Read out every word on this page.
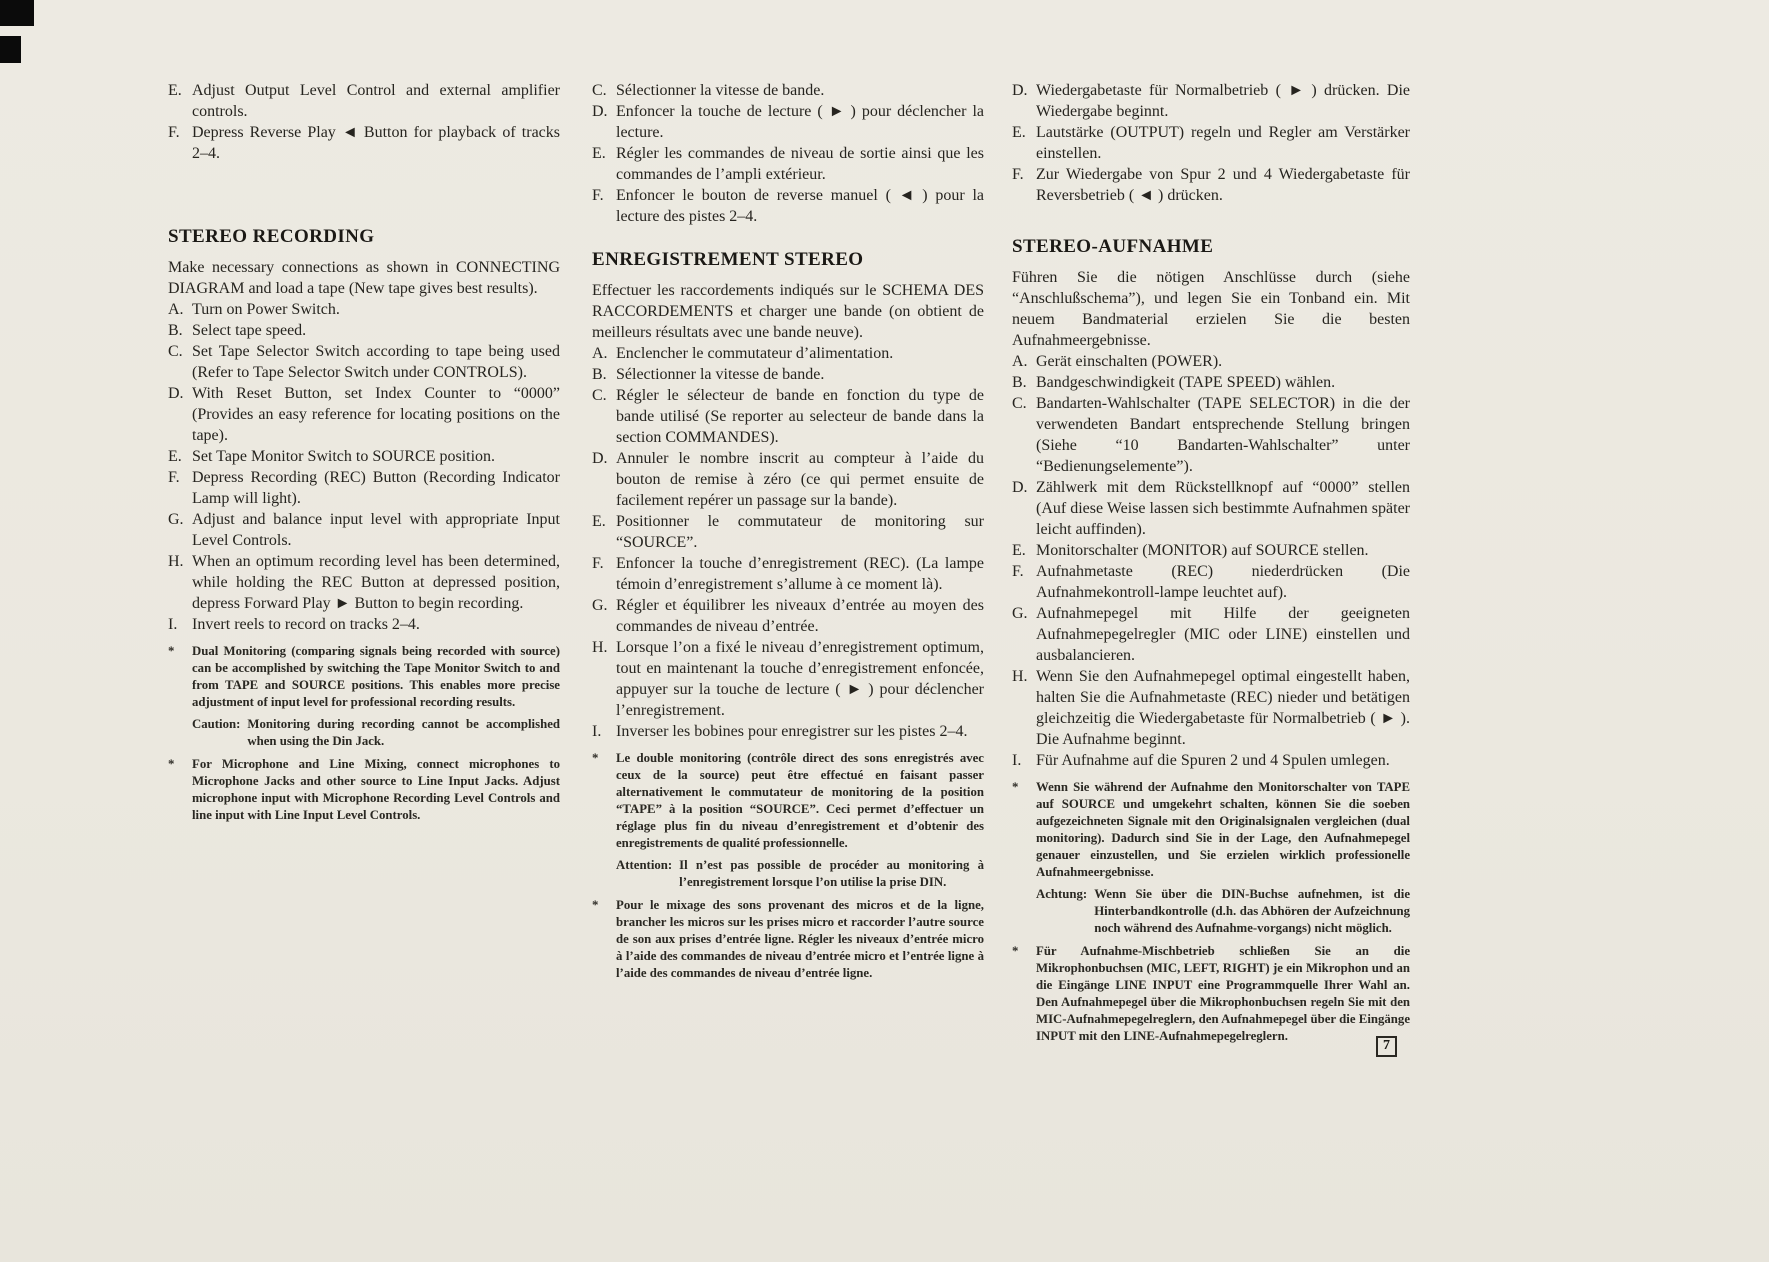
E. Adjust Output Level Control and external amplifier controls.
F. Depress Reverse Play ◄ Button for playback of tracks 2–4.
STEREO RECORDING

Make necessary connections as shown in CONNECTING DIAGRAM and load a tape (New tape gives best results).

A. Turn on Power Switch.
B. Select tape speed.
C. Set Tape Selector Switch according to tape being used (Refer to Tape Selector Switch under CONTROLS).
D. With Reset Button, set Index Counter to “0000” (Provides an easy reference for locating positions on the tape).
E. Set Tape Monitor Switch to SOURCE position.
F. Depress Recording (REC) Button (Recording Indicator Lamp will light).
G. Adjust and balance input level with appropriate Input Level Controls.
H. When an optimum recording level has been determined, while holding the REC Button at depressed position, depress Forward Play ► Button to begin recording.
I. Invert reels to record on tracks 2–4.
*	Dual Monitoring (comparing signals being recorded with source) can be accomplished by switching the Tape Monitor Switch to and from TAPE and SOURCE positions. This enables more precise adjustment of input level for professional recording results.
Caution: Monitoring during recording cannot be accomplished when using the Din Jack.
*	For Microphone and Line Mixing, connect microphones to Microphone Jacks and other source to Line Input Jacks. Adjust microphone input with Microphone Recording Level Controls and line input with Line Input Level Controls.
C. Sélectionner la vitesse de bande.
D. Enfoncer la touche de lecture ( ► ) pour déclencher la lecture.
E. Régler les commandes de niveau de sortie ainsi que les commandes de l’ampli extérieur.
F. Enfoncer le bouton de reverse manuel ( ◄ ) pour la lecture des pistes 2–4.
ENREGISTREMENT STEREO

Effectuer les raccordements indiqués sur le SCHEMA DES RACCORDEMENTS et charger une bande (on obtient de meilleurs résultats avec une bande neuve).

A. Enclencher le commutateur d’alimentation.
B. Sélectionner la vitesse de bande.
C. Régler le sélecteur de bande en fonction du type de bande utilisé (Se reporter au selecteur de bande dans la section COMMANDES).
D. Annuler le nombre inscrit au compteur à l’aide du bouton de remise à zéro (ce qui permet ensuite de facilement repérer un passage sur la bande).
E. Positionner le commutateur de monitoring sur “SOURCE”.
F. Enfoncer la touche d’enregistrement (REC). (La lampe témoin d’enregistrement s’allume à ce moment là).
G. Régler et équilibrer les niveaux d’entrée au moyen des commandes de niveau d’entrée.
H. Lorsque l’on a fixé le niveau d’enregistrement optimum, tout en maintenant la touche d’enregistrement enfoncée, appuyer sur la touche de lecture ( ► ) pour déclencher l’enregistrement.
I. Inverser les bobines pour enregistrer sur les pistes 2–4.
*	Le double monitoring (contrôle direct des sons enregistrés avec ceux de la source) peut être effectué en faisant passer alternativement le commutateur de monitoring de la position “TAPE” à la position “SOURCE”. Ceci permet d’effectuer un réglage plus fin du niveau d’enregistrement et d’obtenir des enregistrements de qualité professionnelle.
Attention: Il n’est pas possible de procéder au monitoring à l’enregistrement lorsque l’on utilise la prise DIN.
*	Pour le mixage des sons provenant des micros et de la ligne, brancher les micros sur les prises micro et raccorder l’autre source de son aux prises d’entrée ligne. Régler les niveaux d’entrée micro à l’aide des commandes de niveau d’entrée micro et l’entrée ligne à l’aide des commandes de niveau d’entrée ligne.
D. Wiedergabetaste für Normalbetrieb ( ► ) drücken. Die Wiedergabe beginnt.
E. Lautstärke (OUTPUT) regeln und Regler am Verstärker einstellen.
F. Zur Wiedergabe von Spur 2 und 4 Wiedergabetaste für Reversbetrieb ( ◄ ) drücken.
STEREO-AUFNAHME

Führen Sie die nötigen Anschlüsse durch (siehe “Anschlußschema”), und legen Sie ein Tonband ein. Mit neuem Bandmaterial erzielen Sie die besten Aufnahmeergebnisse.

A. Gerät einschalten (POWER).
B. Bandgeschwindigkeit (TAPE SPEED) wählen.
C. Bandarten-Wahlschalter (TAPE SELECTOR) in die der verwendeten Bandart entsprechende Stellung bringen (Siehe “10 Bandarten-Wahlschalter” unter “Bedienungselemente”).
D. Zählwerk mit dem Rückstellknopf auf “0000” stellen (Auf diese Weise lassen sich bestimmte Aufnahmen später leicht auffinden).
E. Monitorschalter (MONITOR) auf SOURCE stellen.
F. Aufnahmetaste (REC) niederdrücken (Die Aufnahmekontroll-lampe leuchtet auf).
G. Aufnahmepegel mit Hilfe der geeigneten Aufnahmepegelregler (MIC oder LINE) einstellen und ausbalancieren.
H. Wenn Sie den Aufnahmepegel optimal eingestellt haben, halten Sie die Aufnahmetaste (REC) nieder und betätigen gleichzeitig die Wiedergabetaste für Normalbetrieb ( ► ). Die Aufnahme beginnt.
I. Für Aufnahme auf die Spuren 2 und 4 Spulen umlegen.
*	Wenn Sie während der Aufnahme den Monitorschalter von TAPE auf SOURCE und umgekehrt schalten, können Sie die soeben aufgezeichneten Signale mit den Originalsignalen vergleichen (dual monitoring). Dadurch sind Sie in der Lage, den Aufnahmepegel genauer einzustellen, und Sie erzielen wirklich professionelle Aufnahmeergebnisse.
Achtung: Wenn Sie über die DIN-Buchse aufnehmen, ist die Hinterbandkontrolle (d.h. das Abhören der Aufzeichnung noch während des Aufnahme-vorgangs) nicht möglich.
*	Für Aufnahme-Mischbetrieb schließen Sie an die Mikrophonbuchsen (MIC, LEFT, RIGHT) je ein Mikrophon und an die Eingänge LINE INPUT eine Programmquelle Ihrer Wahl an. Den Aufnahmepegel über die Mikrophonbuchsen regeln Sie mit den MIC-Aufnahmepegelreglern, den Aufnahmepegel über die Eingänge INPUT mit den LINE-Aufnahmepegelreglern.
7
